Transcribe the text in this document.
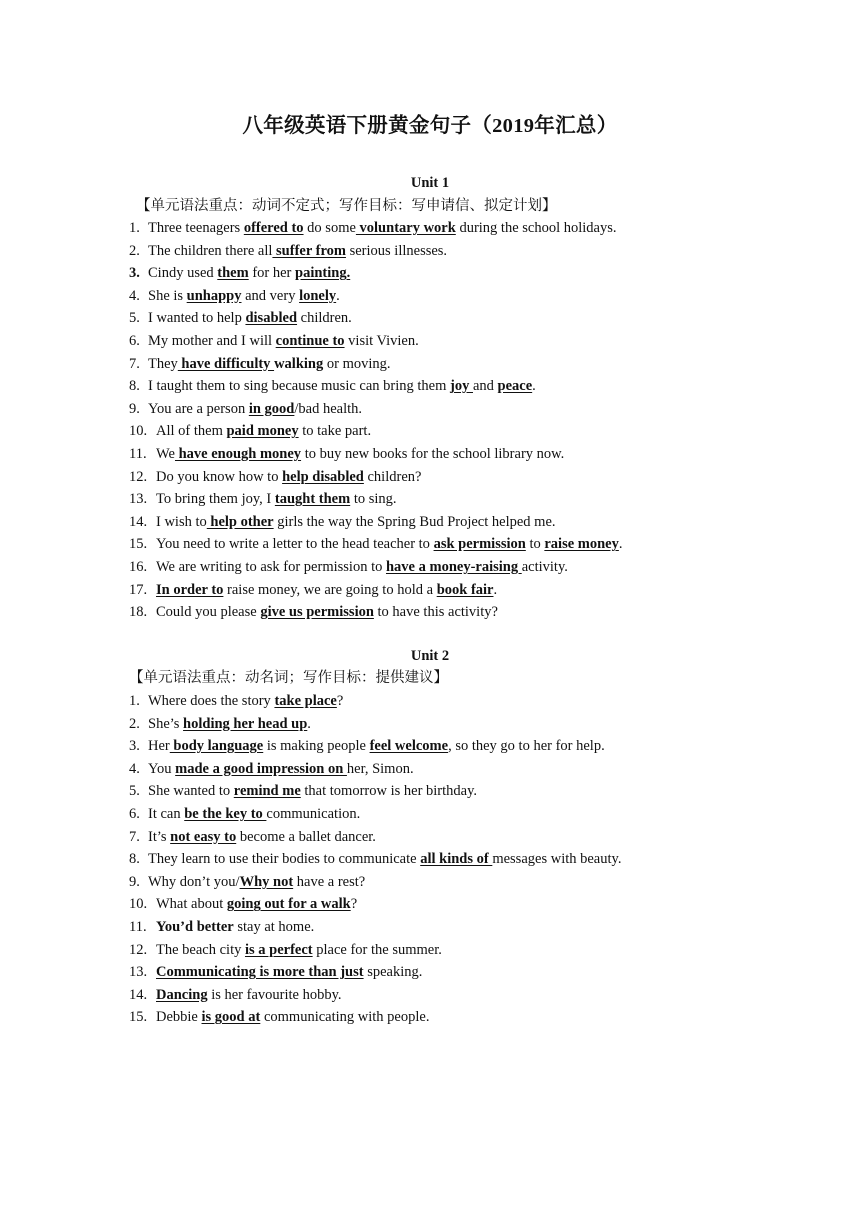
八年级英语下册黄金句子（2019年汇总）
Unit 1
【单元语法重点：动词不定式；写作目标：写申请信、拟定计划】
1. Three teenagers offered to do some voluntary work during the school holidays.
2. The children there all suffer from serious illnesses.
3. Cindy used them for her painting.
4. She is unhappy and very lonely.
5. I wanted to help disabled children.
6. My mother and I will continue to visit Vivien.
7. They have difficulty walking or moving.
8. I taught them to sing because music can bring them joy and peace.
9. You are a person in good/bad health.
10. All of them paid money to take part.
11. We have enough money to buy new books for the school library now.
12. Do you know how to help disabled children?
13. To bring them joy, I taught them to sing.
14. I wish to help other girls the way the Spring Bud Project helped me.
15. You need to write a letter to the head teacher to ask permission to raise money.
16. We are writing to ask for permission to have a money-raising activity.
17. In order to raise money, we are going to hold a book fair.
18. Could you please give us permission to have this activity?
Unit 2
【单元语法重点：动名词；写作目标：提供建议】
1. Where does the story take place?
2. She’s holding her head up.
3. Her body language is making people feel welcome, so they go to her for help.
4. You made a good impression on her, Simon.
5. She wanted to remind me that tomorrow is her birthday.
6. It can be the key to communication.
7. It’s not easy to become a ballet dancer.
8. They learn to use their bodies to communicate all kinds of messages with beauty.
9. Why don’t you/Why not have a rest?
10. What about going out for a walk?
11. You’d better stay at home.
12. The beach city is a perfect place for the summer.
13. Communicating is more than just speaking.
14. Dancing is her favourite hobby.
15. Debbie is good at communicating with people.
